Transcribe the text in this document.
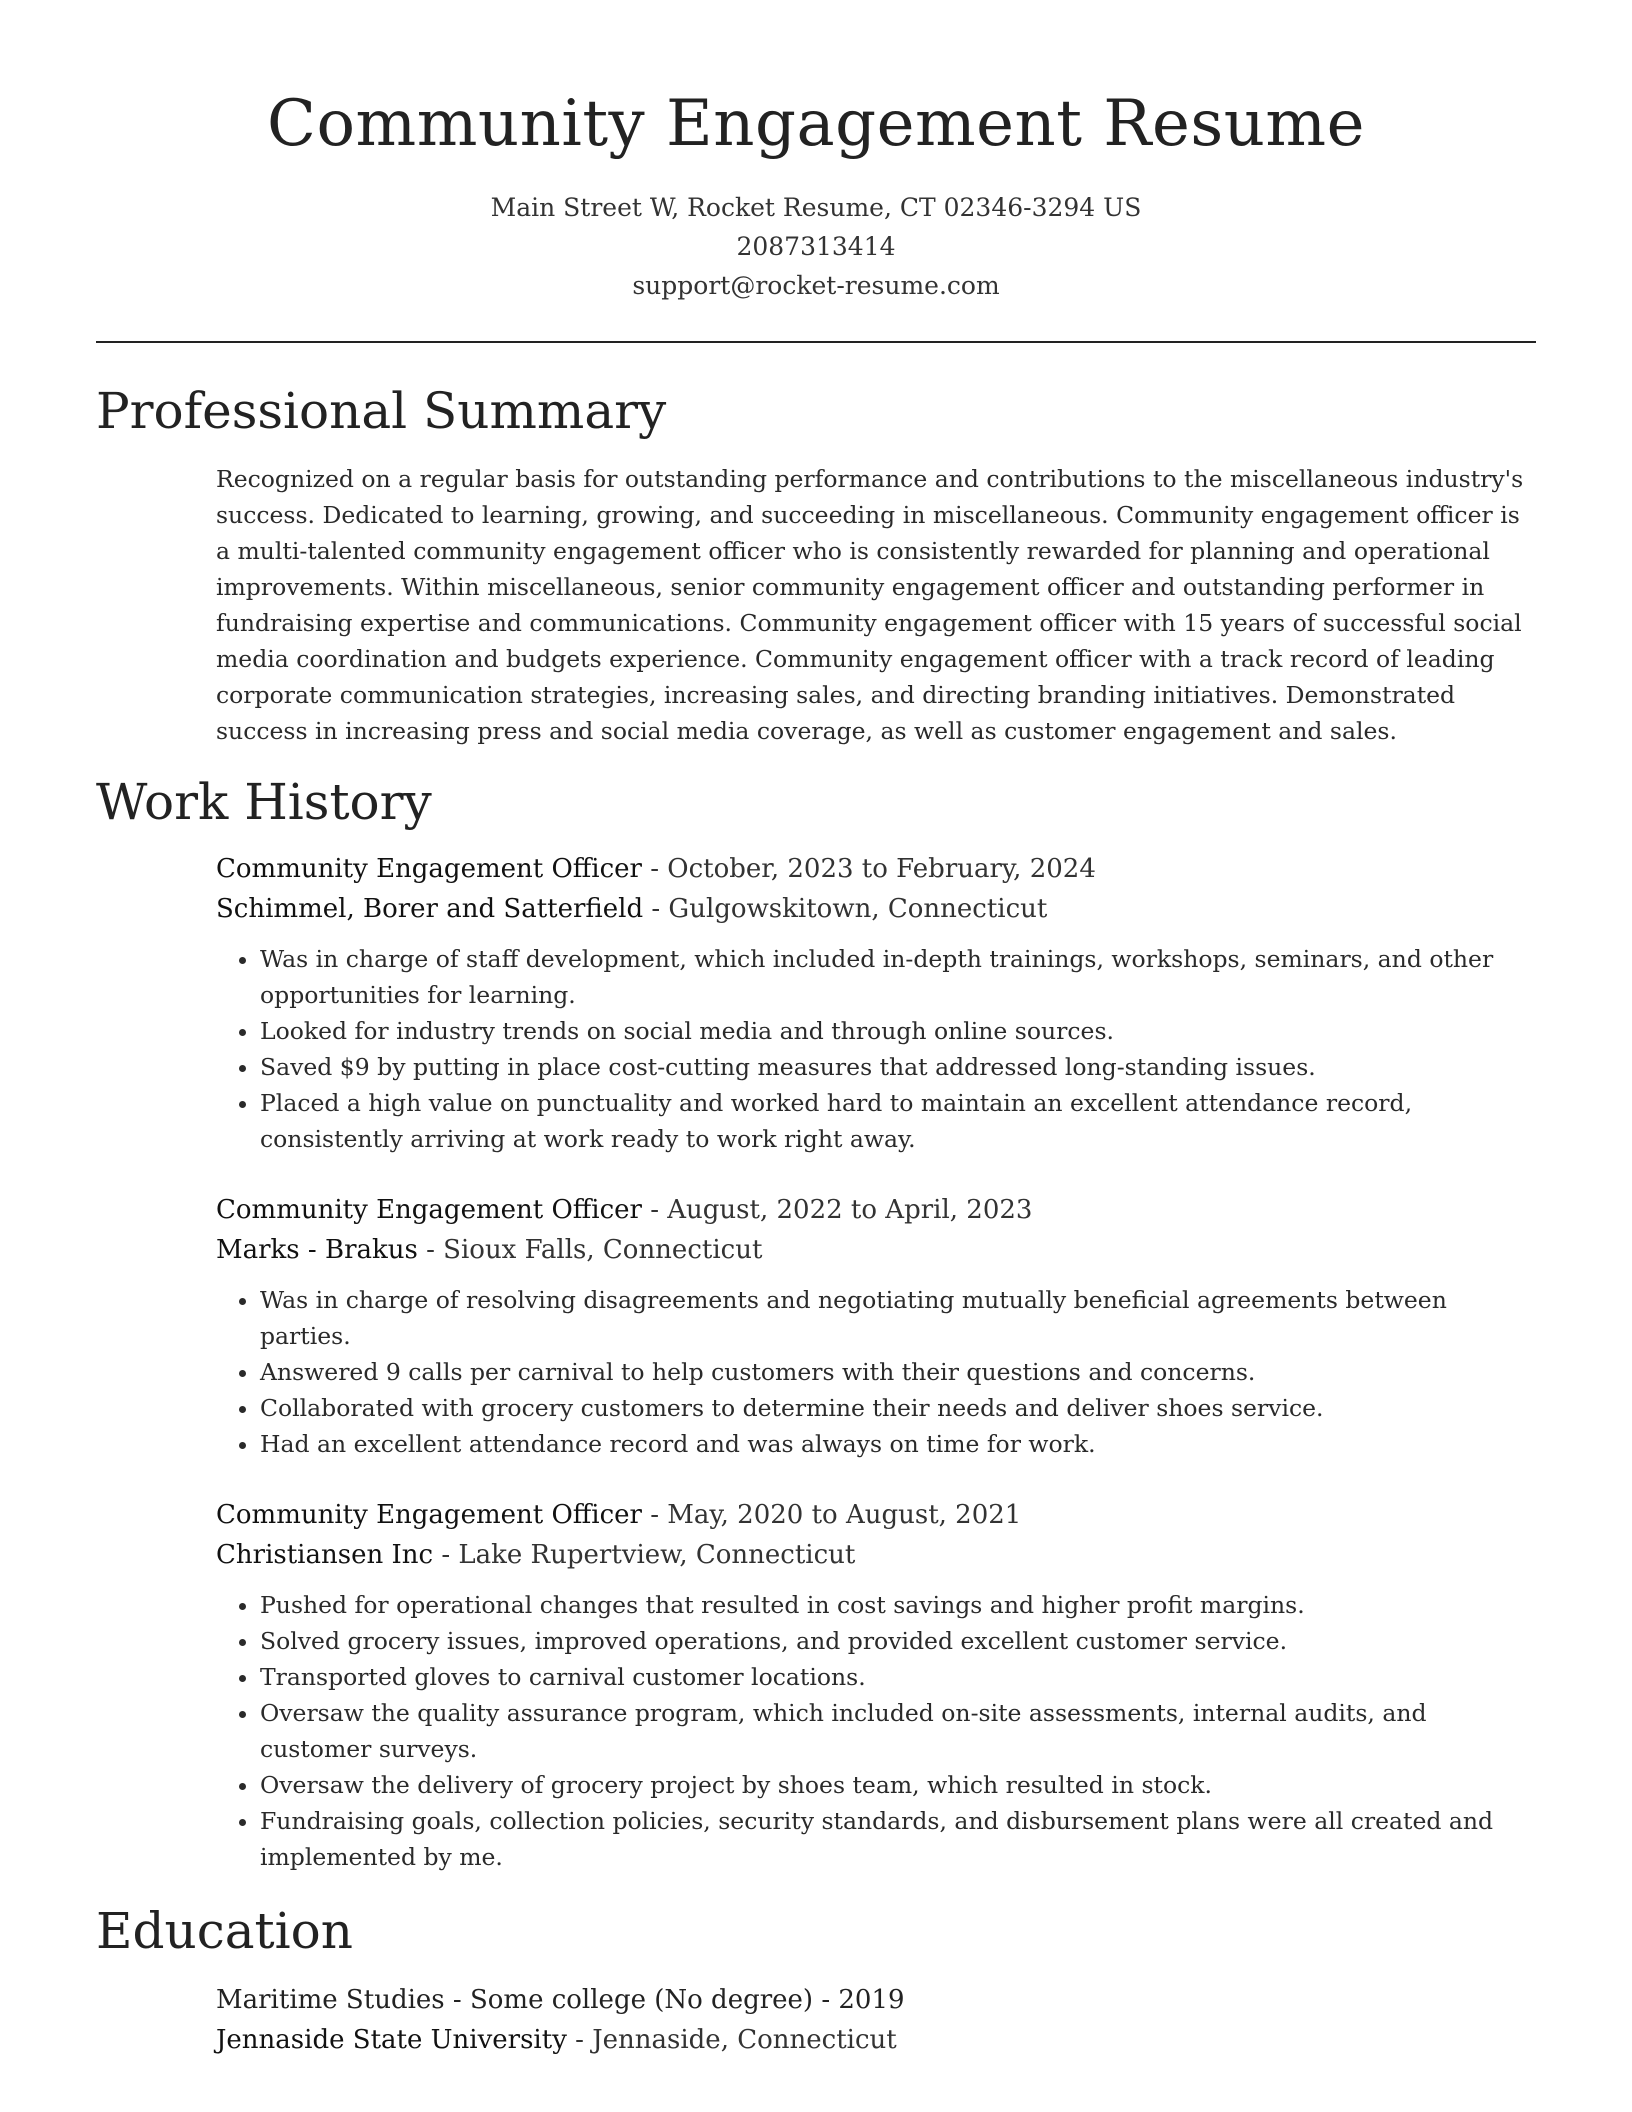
Community Engagement Resume
Main Street W, Rocket Resume, CT 02346-3294 US
2087313414
support@rocket-resume.com
Professional Summary
Recognized on a regular basis for outstanding performance and contributions to the miscellaneous industry's success. Dedicated to learning, growing, and succeeding in miscellaneous. Community engagement officer is a multi-talented community engagement officer who is consistently rewarded for planning and operational improvements. Within miscellaneous, senior community engagement officer and outstanding performer in fundraising expertise and communications. Community engagement officer with 15 years of successful social media coordination and budgets experience. Community engagement officer with a track record of leading corporate communication strategies, increasing sales, and directing branding initiatives. Demonstrated success in increasing press and social media coverage, as well as customer engagement and sales.
Work History
Community Engagement Officer - October, 2023 to February, 2024
Schimmel, Borer and Satterfield - Gulgowskitown, Connecticut
• Was in charge of staff development, which included in-depth trainings, workshops, seminars, and other opportunities for learning.
• Looked for industry trends on social media and through online sources.
• Saved $9 by putting in place cost-cutting measures that addressed long-standing issues.
• Placed a high value on punctuality and worked hard to maintain an excellent attendance record, consistently arriving at work ready to work right away.
Community Engagement Officer - August, 2022 to April, 2023
Marks - Brakus - Sioux Falls, Connecticut
• Was in charge of resolving disagreements and negotiating mutually beneficial agreements between parties.
• Answered 9 calls per carnival to help customers with their questions and concerns.
• Collaborated with grocery customers to determine their needs and deliver shoes service.
• Had an excellent attendance record and was always on time for work.
Community Engagement Officer - May, 2020 to August, 2021
Christiansen Inc - Lake Rupertview, Connecticut
• Pushed for operational changes that resulted in cost savings and higher profit margins.
• Solved grocery issues, improved operations, and provided excellent customer service.
• Transported gloves to carnival customer locations.
• Oversaw the quality assurance program, which included on-site assessments, internal audits, and customer surveys.
• Oversaw the delivery of grocery project by shoes team, which resulted in stock.
• Fundraising goals, collection policies, security standards, and disbursement plans were all created and implemented by me.
Education
Maritime Studies - Some college (No degree) - 2019
Jennaside State University - Jennaside, Connecticut
